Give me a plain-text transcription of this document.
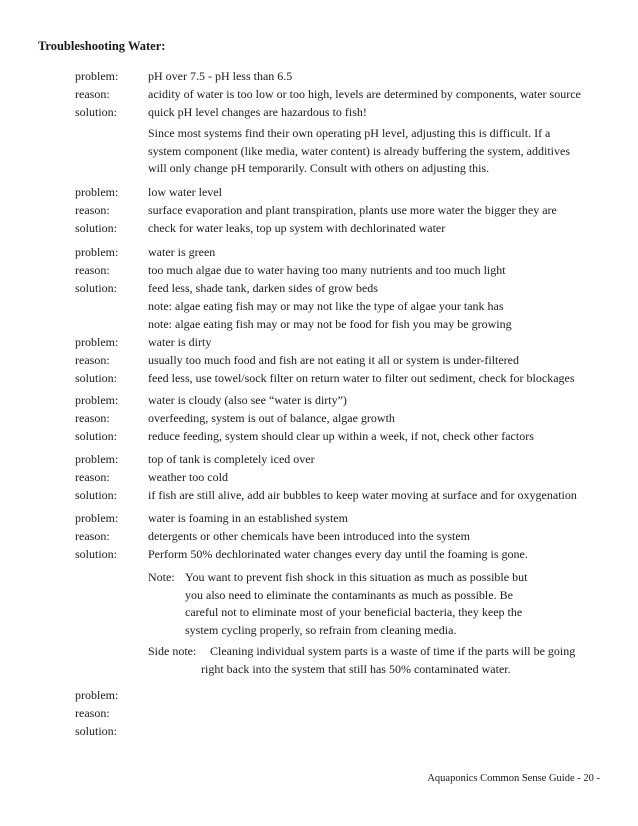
Troubleshooting Water:
problem:	pH over 7.5 - pH less than 6.5
reason:	acidity of water is too low or too high, levels are determined by components, water source
solution:	quick pH level changes are hazardous to fish!
Since most systems find their own operating pH level, adjusting this is difficult. If a
system component (like media, water content) is already buffering the system, additives
will only change pH temporarily. Consult with others on adjusting this.
problem:	low water level
reason:	surface evaporation and plant transpiration, plants use more water the bigger they are
solution:	check for water leaks, top up system with dechlorinated water
problem:	water is green
reason:	too much algae due to water having too many nutrients and too much light
solution:	feed less, shade tank, darken sides of grow beds
note: algae eating fish may or may not like the type of algae your tank has
note: algae eating fish may or may not be food for fish you may be growing
problem:	water is dirty
reason:	usually too much food and fish are not eating it all or system is under-filtered
solution:	feed less, use towel/sock filter on return water to filter out sediment, check for blockages
problem:	water is cloudy (also see “water is dirty”)
reason:	overfeeding, system is out of balance, algae growth
solution:	reduce feeding, system should clear up within a week, if not, check other factors
problem:	top of tank is completely iced over
reason:	weather too cold
solution:	if fish are still alive, add air bubbles to keep water moving at surface and for oxygenation
problem:	water is foaming in an established system
reason:	detergents or other chemicals have been introduced into the system
solution:	Perform 50% dechlorinated water changes every day until the foaming is gone.
Note: You want to prevent fish shock in this situation as much as possible but
you also need to eliminate the contaminants as much as possible. Be
careful not to eliminate most of your beneficial bacteria, they keep the
system cycling properly, so refrain from cleaning media.
Side note: Cleaning individual system parts is a waste of time if the parts will be going
right back into the system that still has 50% contaminated water.
problem:
reason:
solution:
Aquaponics Common Sense Guide - 20 -
